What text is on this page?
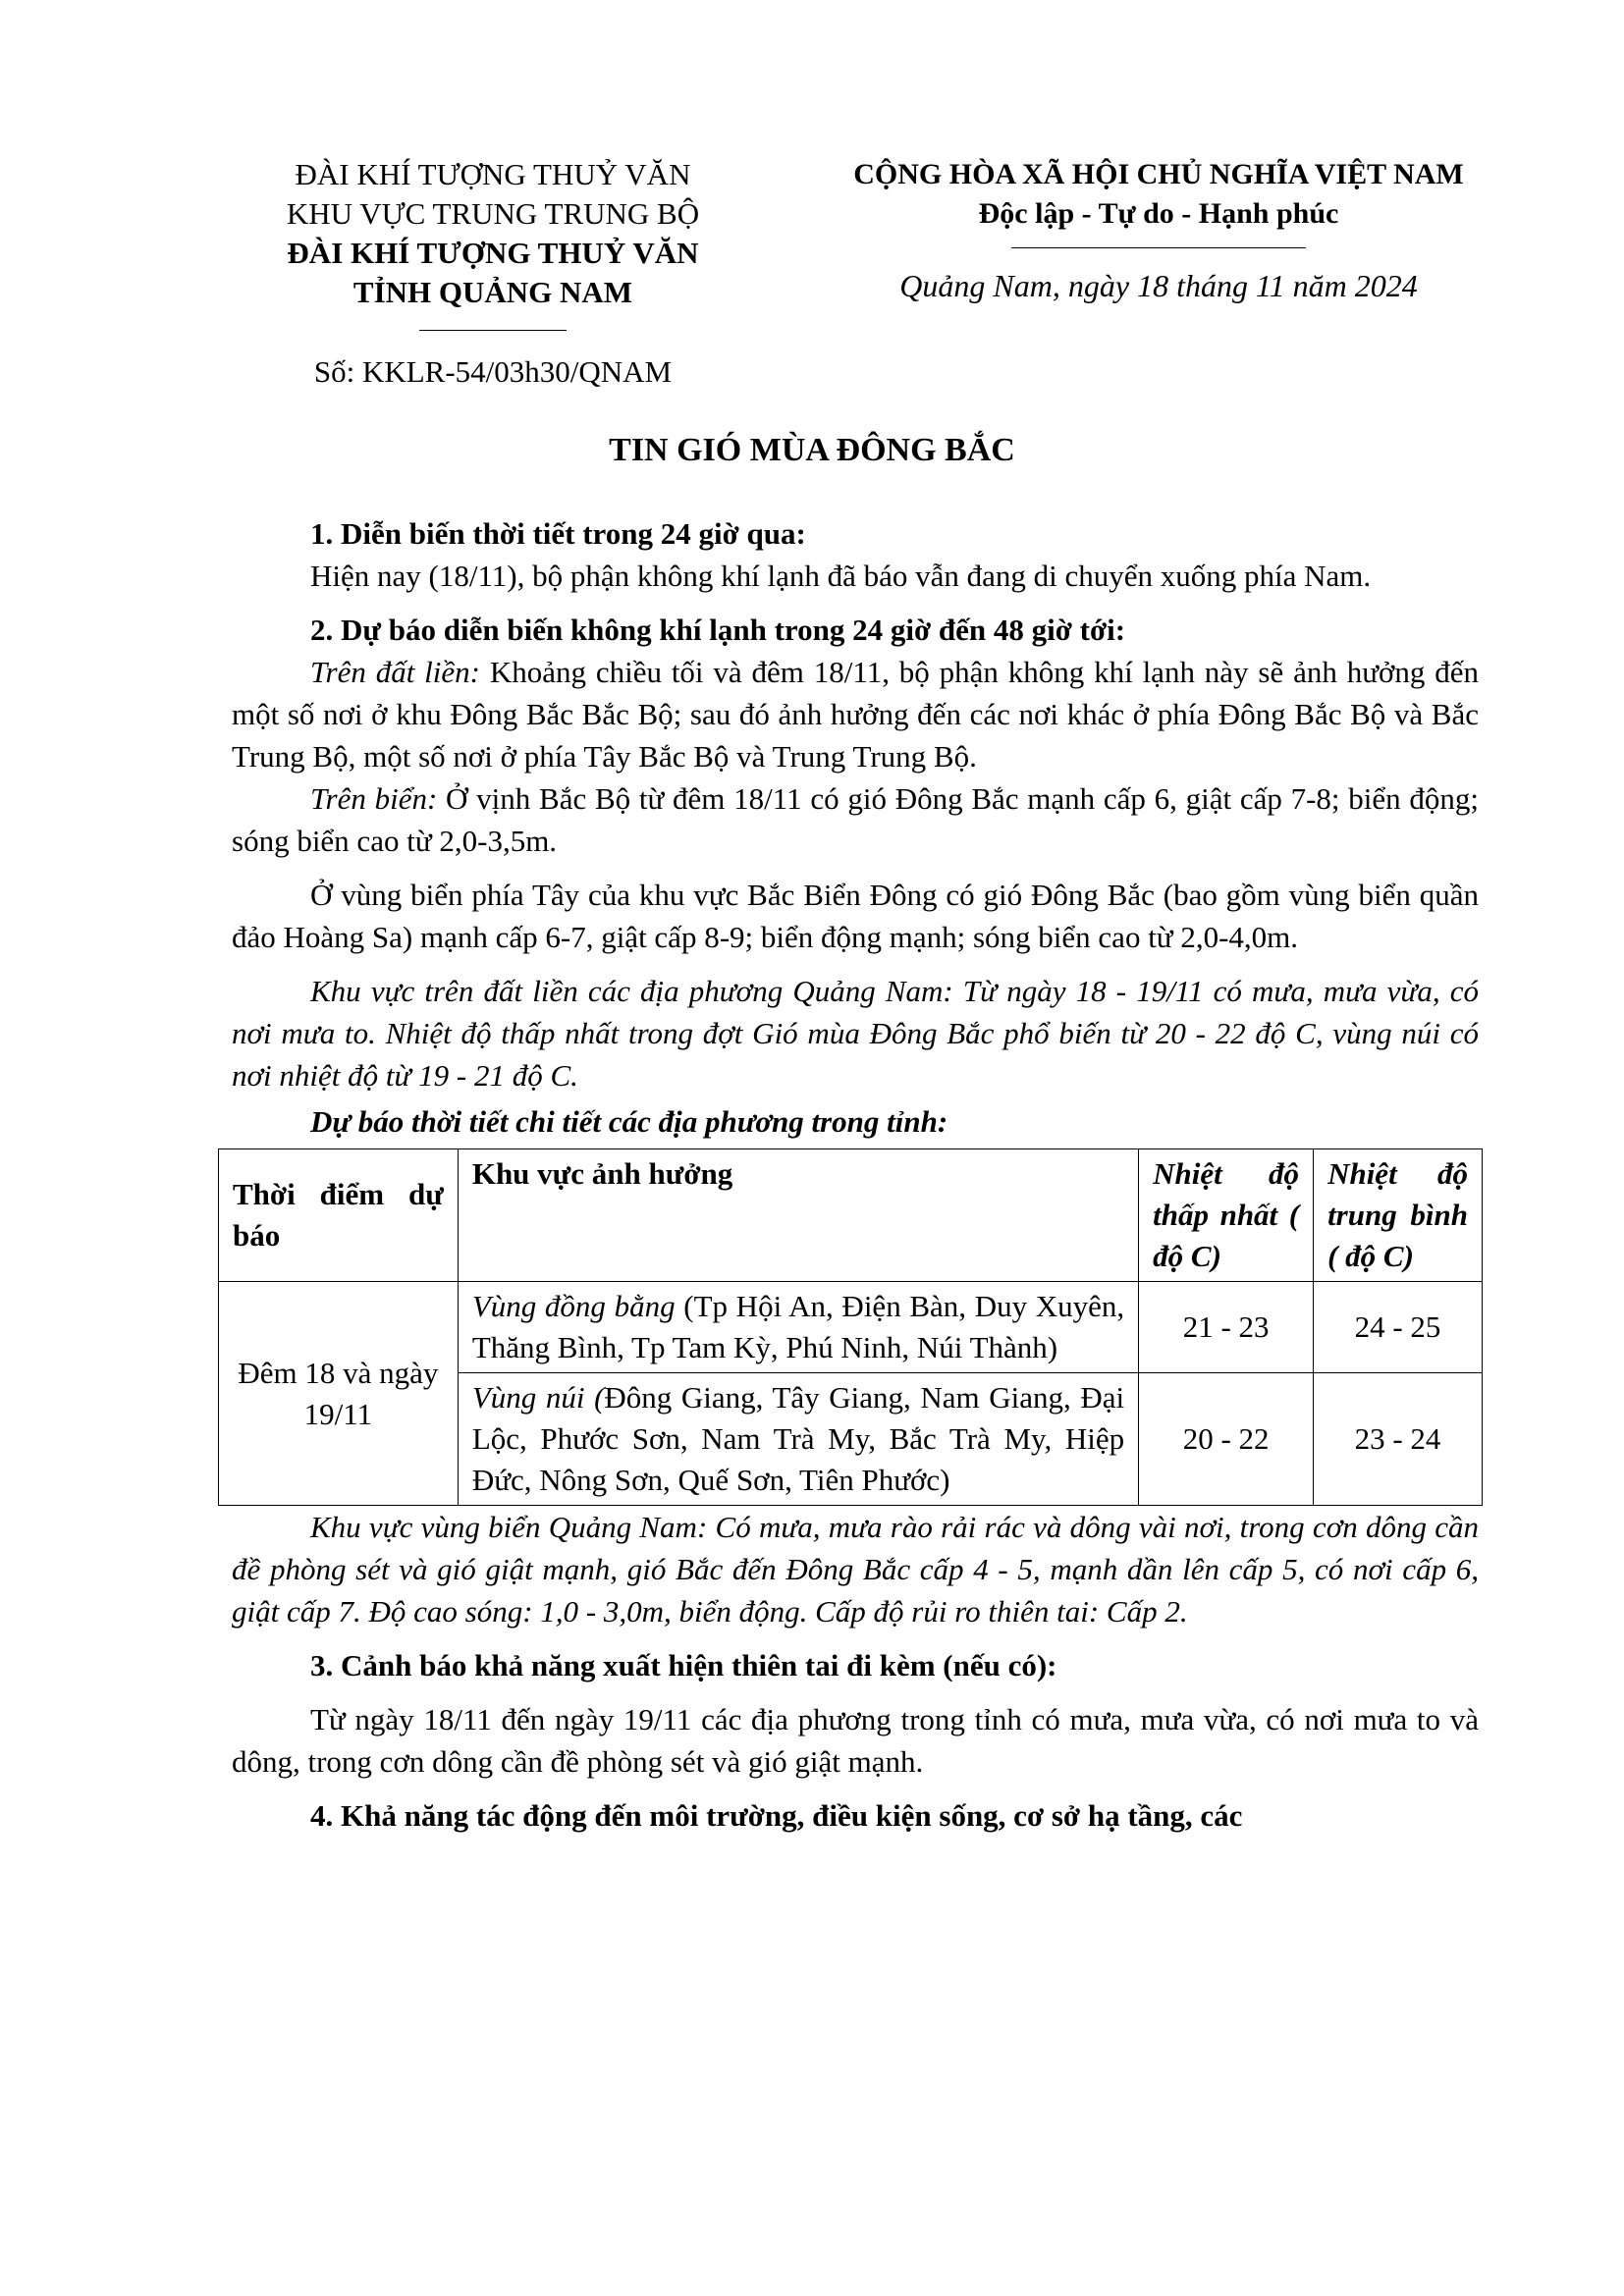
ĐÀI KHÍ TƯỢNG THUỶ VĂN
KHU VỰC TRUNG TRUNG BỘ
ĐÀI KHÍ TƯỢNG THUỶ VĂN
TỈNH QUẢNG NAM
Số: KKLR-54/03h30/QNAM
CỘNG HÒA XÃ HỘI CHỦ NGHĨA VIỆT NAM
Độc lập - Tự do - Hạnh phúc
Quảng Nam, ngày 18 tháng 11 năm 2024
TIN GIÓ MÙA ĐÔNG BẮC

1. Diễn biến thời tiết trong 24 giờ qua:

Hiện nay (18/11), bộ phận không khí lạnh đã báo vẫn đang di chuyển xuống phía Nam.

2. Dự báo diễn biến không khí lạnh trong 24 giờ đến 48 giờ tới:

Trên đất liền: Khoảng chiều tối và đêm 18/11, bộ phận không khí lạnh này sẽ ảnh hưởng đến một số nơi ở khu Đông Bắc Bắc Bộ; sau đó ảnh hưởng đến các nơi khác ở phía Đông Bắc Bộ và Bắc Trung Bộ, một số nơi ở phía Tây Bắc Bộ và Trung Trung Bộ.

Trên biển: Ở vịnh Bắc Bộ từ đêm 18/11 có gió Đông Bắc mạnh cấp 6, giật cấp 7-8; biển động; sóng biển cao từ 2,0-3,5m.

Ở vùng biển phía Tây của khu vực Bắc Biển Đông có gió Đông Bắc (bao gồm vùng biển quần đảo Hoàng Sa) mạnh cấp 6-7, giật cấp 8-9; biển động mạnh; sóng biển cao từ 2,0-4,0m.

Khu vực trên đất liền các địa phương Quảng Nam: Từ ngày 18 - 19/11 có mưa, mưa vừa, có nơi mưa to. Nhiệt độ thấp nhất trong đợt Gió mùa Đông Bắc phổ biến từ 20 - 22 độ C, vùng núi có nơi nhiệt độ từ 19 - 21 độ C.

Dự báo thời tiết chi tiết các địa phương trong tỉnh:

Thời điểm dự báo	Khu vực ảnh hưởng	Nhiệt độ thấp nhất ( độ C)	Nhiệt độ trung bình ( độ C)
Đêm 18 và ngày 19/11	Vùng đồng bằng (Tp Hội An, Điện Bàn, Duy Xuyên, Thăng Bình, Tp Tam Kỳ, Phú Ninh, Núi Thành)	21 - 23	24 - 25
	Vùng núi (Đông Giang, Tây Giang, Nam Giang, Đại Lộc, Phước Sơn, Nam Trà My, Bắc Trà My, Hiệp Đức, Nông Sơn, Quế Sơn, Tiên Phước)	20 - 22	23 - 24

Khu vực vùng biển Quảng Nam: Có mưa, mưa rào rải rác và dông vài nơi, trong cơn dông cần đề phòng sét và gió giật mạnh, gió Bắc đến Đông Bắc cấp 4 - 5, mạnh dần lên cấp 5, có nơi cấp 6, giật cấp 7. Độ cao sóng: 1,0 - 3,0m, biển động. Cấp độ rủi ro thiên tai: Cấp 2.

3. Cảnh báo khả năng xuất hiện thiên tai đi kèm (nếu có):

Từ ngày 18/11 đến ngày 19/11 các địa phương trong tỉnh có mưa, mưa vừa, có nơi mưa to và dông, trong cơn dông cần đề phòng sét và gió giật mạnh.

4. Khả năng tác động đến môi trường, điều kiện sống, cơ sở hạ tầng, các
